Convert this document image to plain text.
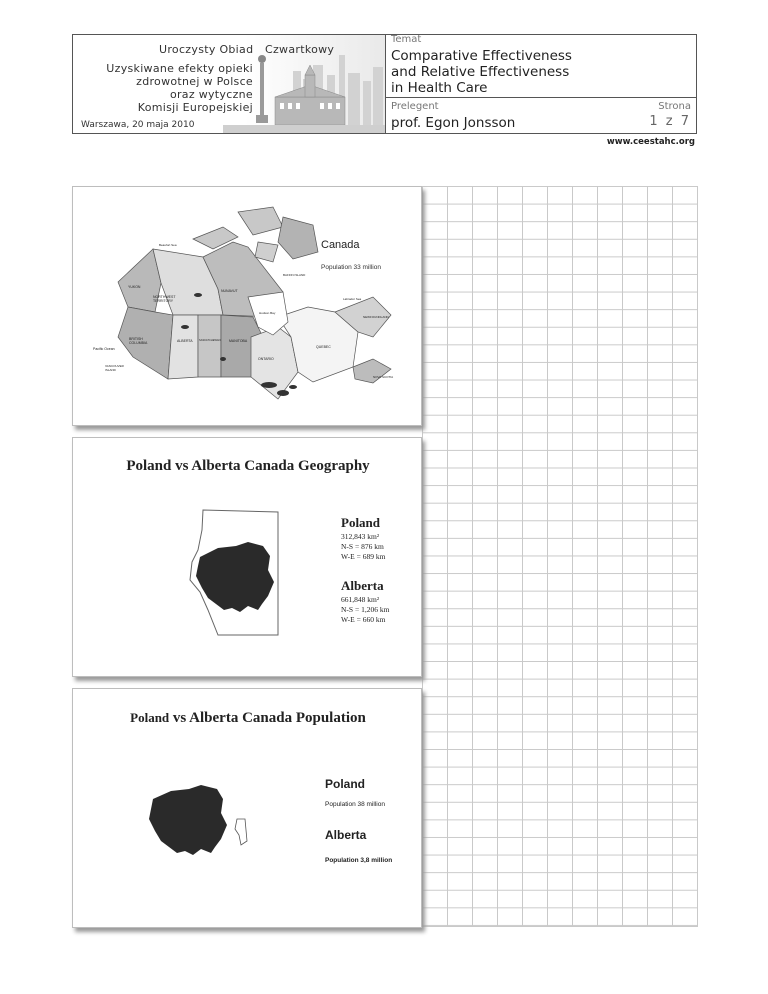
Uroczysty Obiad Czwartkowy
Uzyskiwane efekty opieki
zdrowotnej w Polsce
oraz wytyczne
Komisji Europejskiej
Warszawa, 20 maja 2010
Temat
Comparative Effectiveness
and Relative Effectiveness
in Health Care
Prelegent	Strona
prof. Egon Jonsson	1 z 7
www.ceestahc.org
Canada
Population 33 million
YUKON
NORTHWEST TERRITORY
NUNAVUT
BRITISH COLUMBIA	ALBERTA SASKATCHEWAN MANITOBA
ONTARIO
QUEBEC
NEWFOUNDLAND
Pacific Ocean
Hudson Bay
Labrador Sea
BAFFIN ISLAND
VANCOUVER ISLAND
Beaufort Sea
NOVA SCOTIA
Poland vs Alberta Canada Geography
Poland
312,843 km²
N-S = 876 km
W-E = 689 km
Alberta
661,848 km²
N-S = 1,206 km
W-E = 660 km
Poland vs Alberta Canada Population
Poland
Population 38 million
Alberta
Population 3,8 million
